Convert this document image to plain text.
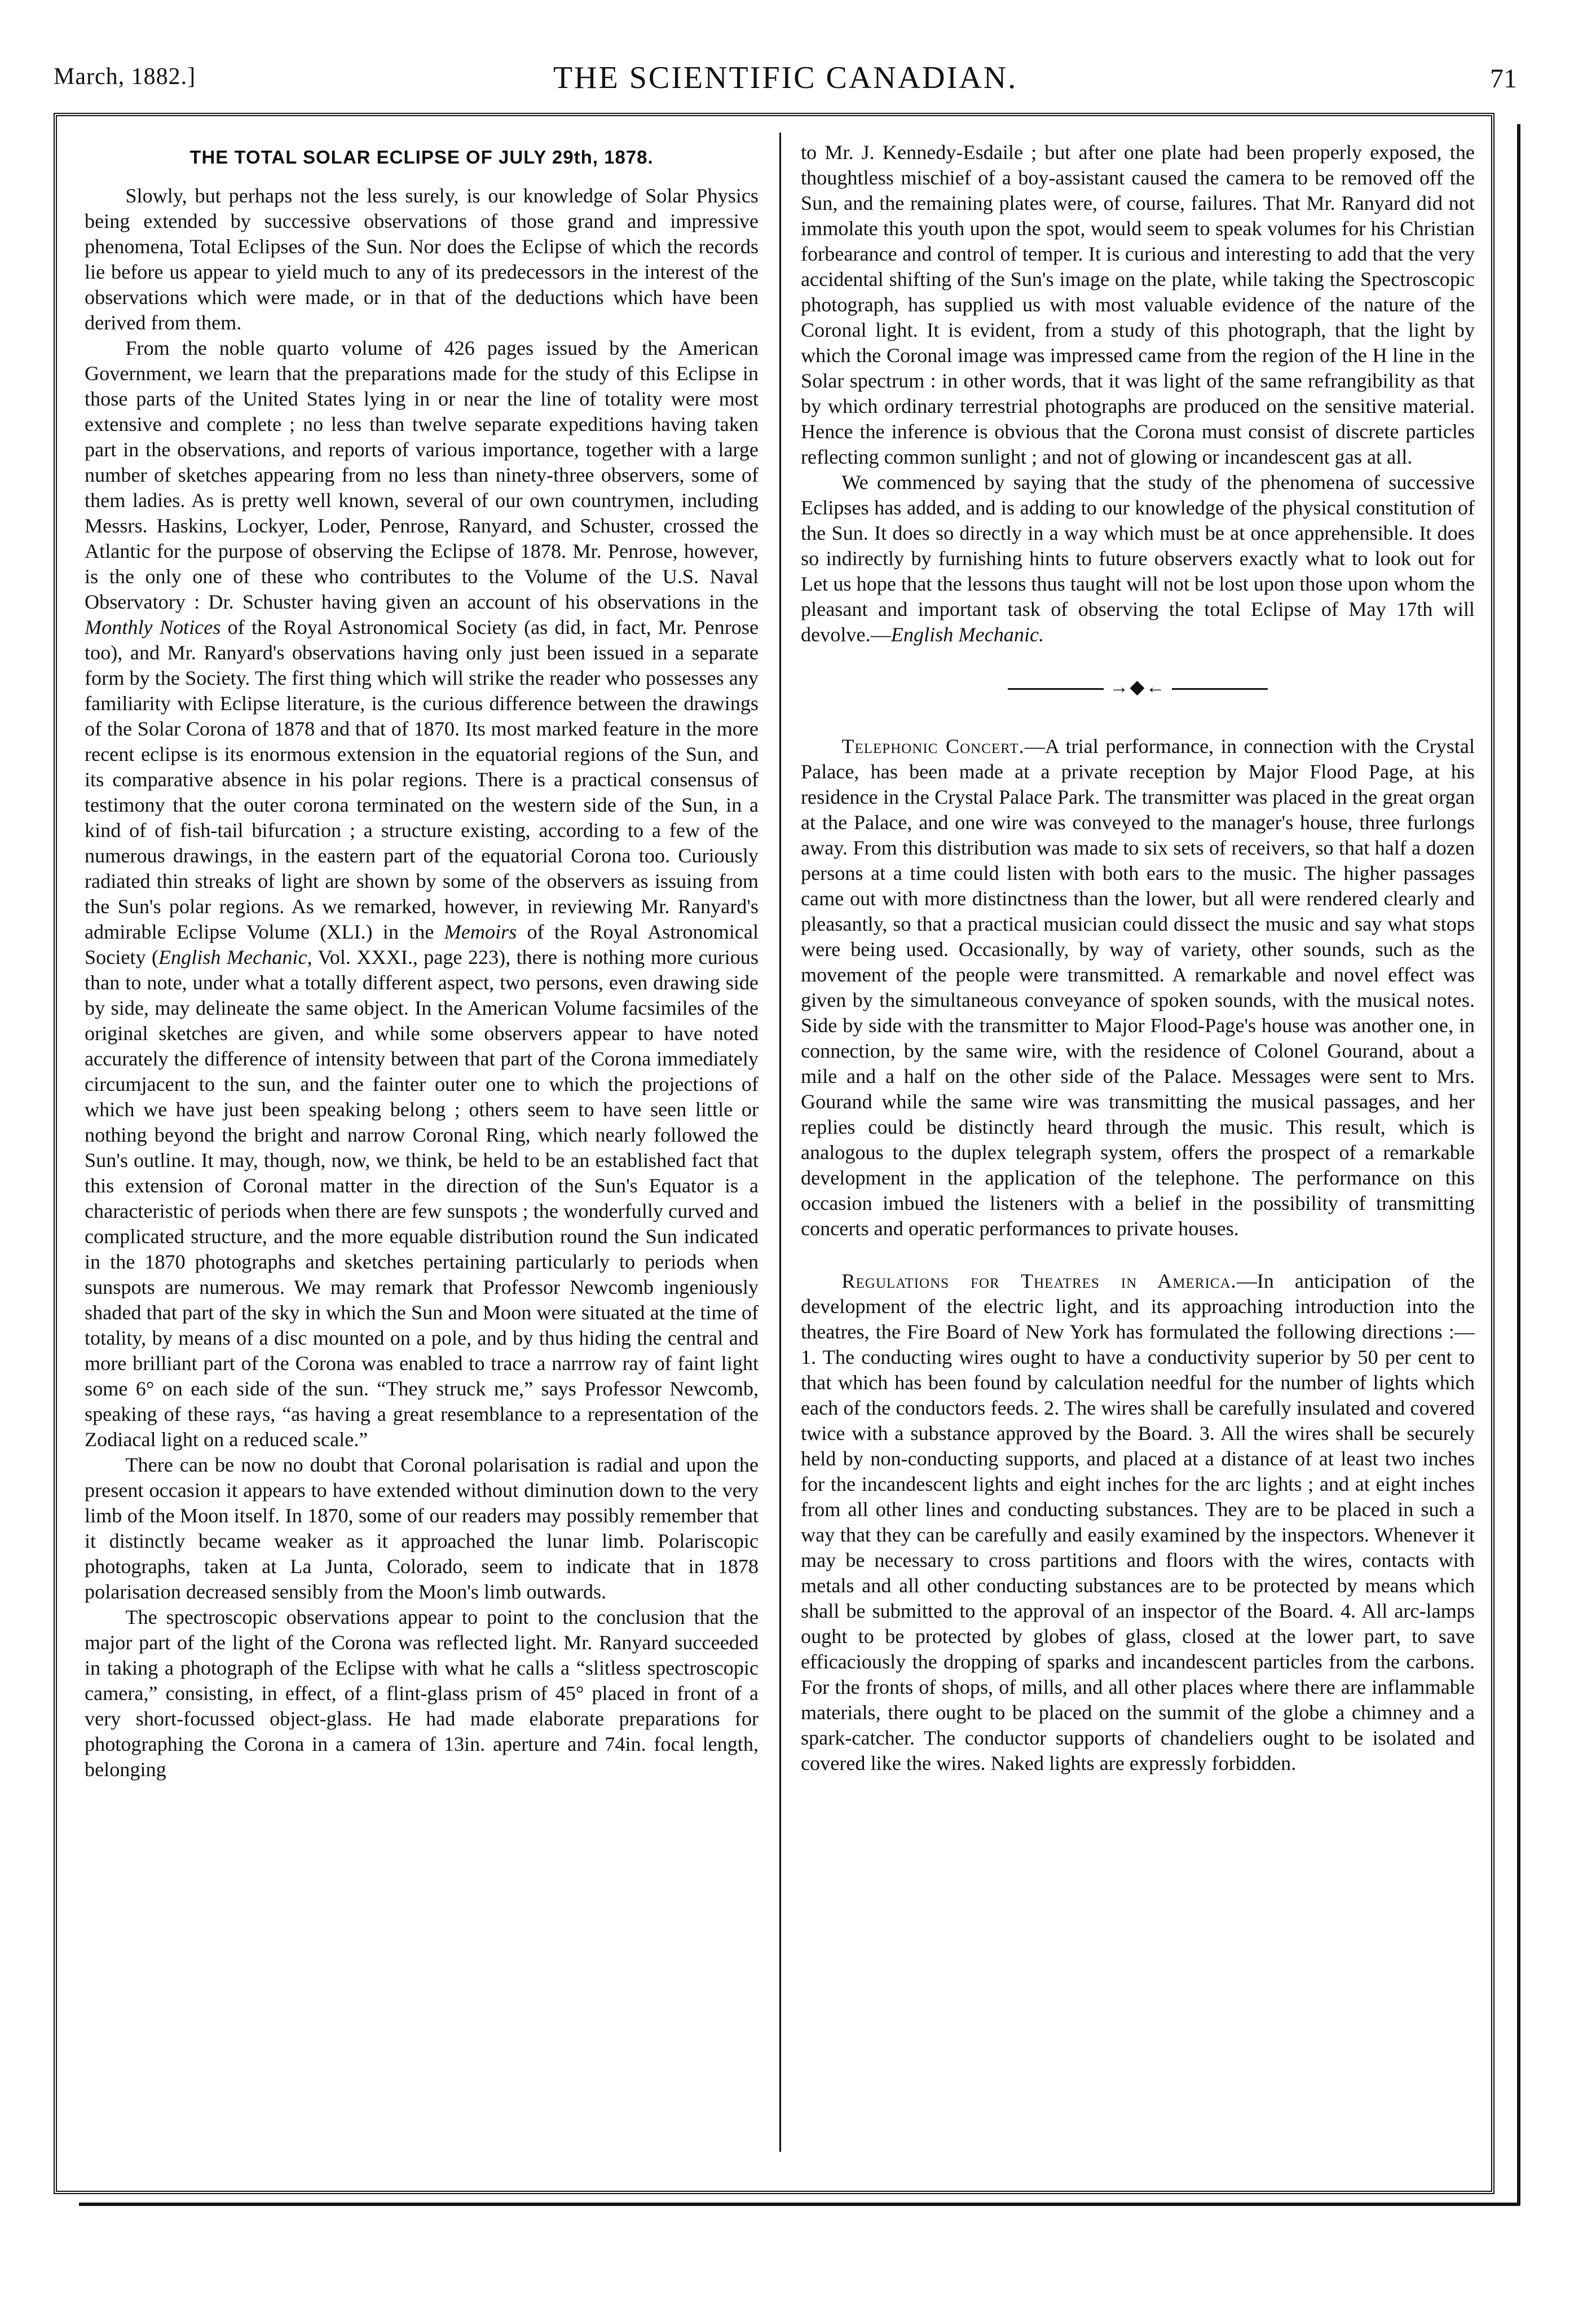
March, 1882.]	THE SCIENTIFIC CANADIAN.	71
THE TOTAL SOLAR ECLIPSE OF JULY 29th, 1878.

Slowly, but perhaps not the less surely, is our knowledge of Solar Physics being extended by successive observations of those grand and impressive phenomena, Total Eclipses of the Sun. Nor does the Eclipse of which the records lie before us appear to yield much to any of its predecessors in the interest of the observations which were made, or in that of the deductions which have been derived from them.

From the noble quarto volume of 426 pages issued by the American Government, we learn that the preparations made for the study of this Eclipse in those parts of the United States lying in or near the line of totality were most extensive and complete ; no less than twelve separate expeditions having taken part in the observations, and reports of various importance, together with a large number of sketches appearing from no less than ninety-three observers, some of them ladies. As is pretty well known, several of our own countrymen, including Messrs. Haskins, Lockyer, Loder, Penrose, Ranyard, and Schuster, crossed the Atlantic for the purpose of observing the Eclipse of 1878. Mr. Penrose, however, is the only one of these who contributes to the Volume of the U.S. Naval Observatory : Dr. Schuster having given an account of his observations in the Monthly Notices of the Royal Astronomical Society (as did, in fact, Mr. Penrose too), and Mr. Ranyard's observations having only just been issued in a separate form by the Society. The first thing which will strike the reader who possesses any familiarity with Eclipse literature, is the curious difference between the drawings of the Solar Corona of 1878 and that of 1870. Its most marked feature in the more recent eclipse is its enormous extension in the equatorial regions of the Sun, and its comparative absence in his polar regions. There is a practical consensus of testimony that the outer corona terminated on the western side of the Sun, in a kind of of fish-tail bifurcation ; a structure existing, according to a few of the numerous drawings, in the eastern part of the equatorial Corona too. Curiously radiated thin streaks of light are shown by some of the observers as issuing from the Sun's polar regions. As we remarked, however, in reviewing Mr. Ranyard's admirable Eclipse Volume (XLI.) in the Memoirs of the Royal Astronomical Society (English Mechanic, Vol. XXXI., page 223), there is nothing more curious than to note, under what a totally different aspect, two persons, even drawing side by side, may delineate the same object. In the American Volume facsimiles of the original sketches are given, and while some observers appear to have noted accurately the difference of intensity between that part of the Corona immediately circumjacent to the sun, and the fainter outer one to which the projections of which we have just been speaking belong ; others seem to have seen little or nothing beyond the bright and narrow Coronal Ring, which nearly followed the Sun's outline. It may, though, now, we think, be held to be an established fact that this extension of Coronal matter in the direction of the Sun's Equator is a characteristic of periods when there are few sunspots ; the wonderfully curved and complicated structure, and the more equable distribution round the Sun indicated in the 1870 photographs and sketches pertaining particularly to periods when sunspots are numerous. We may remark that Professor Newcomb ingeniously shaded that part of the sky in which the Sun and Moon were situated at the time of totality, by means of a disc mounted on a pole, and by thus hiding the central and more brilliant part of the Corona was enabled to trace a narrrow ray of faint light some 6° on each side of the sun. “They struck me,” says Professor Newcomb, speaking of these rays, “as having a great resemblance to a representation of the Zodiacal light on a reduced scale.”

There can be now no doubt that Coronal polarisation is radial and upon the present occasion it appears to have extended without diminution down to the very limb of the Moon itself. In 1870, some of our readers may possibly remember that it distinctly became weaker as it approached the lunar limb. Polariscopic photographs, taken at La Junta, Colorado, seem to indicate that in 1878 polarisation decreased sensibly from the Moon's limb outwards.

The spectroscopic observations appear to point to the conclusion that the major part of the light of the Corona was reflected light. Mr. Ranyard succeeded in taking a photograph of the Eclipse with what he calls a “slitless spectroscopic camera,” consisting, in effect, of a flint-glass prism of 45° placed in front of a very short-focussed object-glass. He had made elaborate preparations for photographing the Corona in a camera of 13in. aperture and 74in. focal length, belonging

to Mr. J. Kennedy-Esdaile ; but after one plate had been properly exposed, the thoughtless mischief of a boy-assistant caused the camera to be removed off the Sun, and the remaining plates were, of course, failures. That Mr. Ranyard did not immolate this youth upon the spot, would seem to speak volumes for his Christian forbearance and control of temper. It is curious and interesting to add that the very accidental shifting of the Sun's image on the plate, while taking the Spectroscopic photograph, has supplied us with most valuable evidence of the nature of the Coronal light. It is evident, from a study of this photograph, that the light by which the Coronal image was impressed came from the region of the H line in the Solar spectrum : in other words, that it was light of the same refrangibility as that by which ordinary terrestrial photographs are produced on the sensitive material. Hence the inference is obvious that the Corona must consist of discrete particles reflecting common sunlight ; and not of glowing or incandescent gas at all.

We commenced by saying that the study of the phenomena of successive Eclipses has added, and is adding to our knowledge of the physical constitution of the Sun. It does so directly in a way which must be at once apprehensible. It does so indirectly by furnishing hints to future observers exactly what to look out for Let us hope that the lessons thus taught will not be lost upon those upon whom the pleasant and important task of observing the total Eclipse of May 17th will devolve.—English Mechanic.

→◆←

Telephonic Concert.—A trial performance, in connection with the Crystal Palace, has been made at a private reception by Major Flood Page, at his residence in the Crystal Palace Park. The transmitter was placed in the great organ at the Palace, and one wire was conveyed to the manager's house, three furlongs away. From this distribution was made to six sets of receivers, so that half a dozen persons at a time could listen with both ears to the music. The higher passages came out with more distinctness than the lower, but all were rendered clearly and pleasantly, so that a practical musician could dissect the music and say what stops were being used. Occasionally, by way of variety, other sounds, such as the movement of the people were transmitted. A remarkable and novel effect was given by the simultaneous conveyance of spoken sounds, with the musical notes. Side by side with the transmitter to Major Flood-Page's house was another one, in connection, by the same wire, with the residence of Colonel Gourand, about a mile and a half on the other side of the Palace. Messages were sent to Mrs. Gourand while the same wire was transmitting the musical passages, and her replies could be distinctly heard through the music. This result, which is analogous to the duplex telegraph system, offers the prospect of a remarkable development in the application of the telephone. The performance on this occasion imbued the listeners with a belief in the possibility of transmitting concerts and operatic performances to private houses.

Regulations for Theatres in America.—In anticipation of the development of the electric light, and its approaching introduction into the theatres, the Fire Board of New York has formulated the following directions :—1. The conducting wires ought to have a conductivity superior by 50 per cent to that which has been found by calculation needful for the number of lights which each of the conductors feeds. 2. The wires shall be carefully insulated and covered twice with a substance approved by the Board. 3. All the wires shall be securely held by non-conducting supports, and placed at a distance of at least two inches for the incandescent lights and eight inches for the arc lights ; and at eight inches from all other lines and conducting substances. They are to be placed in such a way that they can be carefully and easily examined by the inspectors. Whenever it may be necessary to cross partitions and floors with the wires, contacts with metals and all other conducting substances are to be protected by means which shall be submitted to the approval of an inspector of the Board. 4. All arc-lamps ought to be protected by globes of glass, closed at the lower part, to save efficaciously the dropping of sparks and incandescent particles from the carbons. For the fronts of shops, of mills, and all other places where there are inflammable materials, there ought to be placed on the summit of the globe a chimney and a spark-catcher. The conductor supports of chandeliers ought to be isolated and covered like the wires. Naked lights are expressly forbidden.
